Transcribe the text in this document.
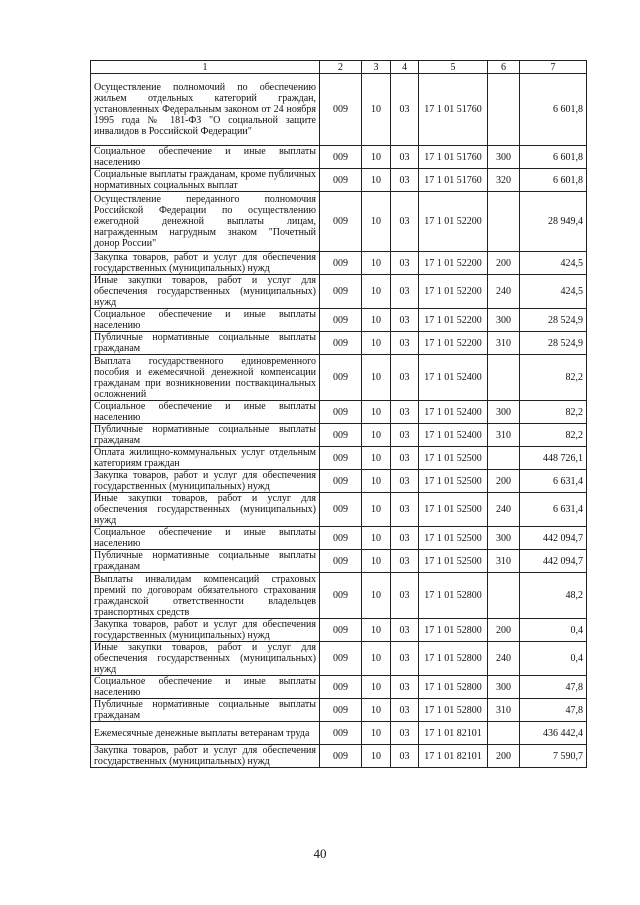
1	2	3	4	5	6	7
Осуществление полномочий по обеспечению жильем отдельных категорий граждан, установленных Федеральным законом от 24 ноября 1995 года № 181-ФЗ "О социальной защите инвалидов в Российской Федерации"	009	10	03	17 1 01 51760		6 601,8
Социальное обеспечение и иные выплаты населению	009	10	03	17 1 01 51760	300	6 601,8
Социальные выплаты гражданам, кроме публичных нормативных социальных выплат	009	10	03	17 1 01 51760	320	6 601,8
Осуществление переданного полномочия Российской Федерации по осуществлению ежегодной денежной выплаты лицам, награжденным нагрудным знаком "Почетный донор России"	009	10	03	17 1 01 52200		28 949,4
Закупка товаров, работ и услуг для обеспечения государственных (муниципальных) нужд	009	10	03	17 1 01 52200	200	424,5
Иные закупки товаров, работ и услуг для обеспечения государственных (муниципальных) нужд	009	10	03	17 1 01 52200	240	424,5
Социальное обеспечение и иные выплаты населению	009	10	03	17 1 01 52200	300	28 524,9
Публичные нормативные социальные выплаты гражданам	009	10	03	17 1 01 52200	310	28 524,9
Выплата государственного единовременного пособия и ежемесячной денежной компенсации гражданам при возникновении поствакцинальных осложнений	009	10	03	17 1 01 52400		82,2
Социальное обеспечение и иные выплаты населению	009	10	03	17 1 01 52400	300	82,2
Публичные нормативные социальные выплаты гражданам	009	10	03	17 1 01 52400	310	82,2
Оплата жилищно-коммунальных услуг отдельным категориям граждан	009	10	03	17 1 01 52500		448 726,1
Закупка товаров, работ и услуг для обеспечения государственных (муниципальных) нужд	009	10	03	17 1 01 52500	200	6 631,4
Иные закупки товаров, работ и услуг для обеспечения государственных (муниципальных) нужд	009	10	03	17 1 01 52500	240	6 631,4
Социальное обеспечение и иные выплаты населению	009	10	03	17 1 01 52500	300	442 094,7
Публичные нормативные социальные выплаты гражданам	009	10	03	17 1 01 52500	310	442 094,7
Выплаты инвалидам компенсаций страховых премий по договорам обязательного страхования гражданской ответственности владельцев транспортных средств	009	10	03	17 1 01 52800		48,2
Закупка товаров, работ и услуг для обеспечения государственных (муниципальных) нужд	009	10	03	17 1 01 52800	200	0,4
Иные закупки товаров, работ и услуг для обеспечения государственных (муниципальных) нужд	009	10	03	17 1 01 52800	240	0,4
Социальное обеспечение и иные выплаты населению	009	10	03	17 1 01 52800	300	47,8
Публичные нормативные социальные выплаты гражданам	009	10	03	17 1 01 52800	310	47,8
Ежемесячные денежные выплаты ветеранам труда	009	10	03	17 1 01 82101		436 442,4
Закупка товаров, работ и услуг для обеспечения государственных (муниципальных) нужд	009	10	03	17 1 01 82101	200	7 590,7
40
